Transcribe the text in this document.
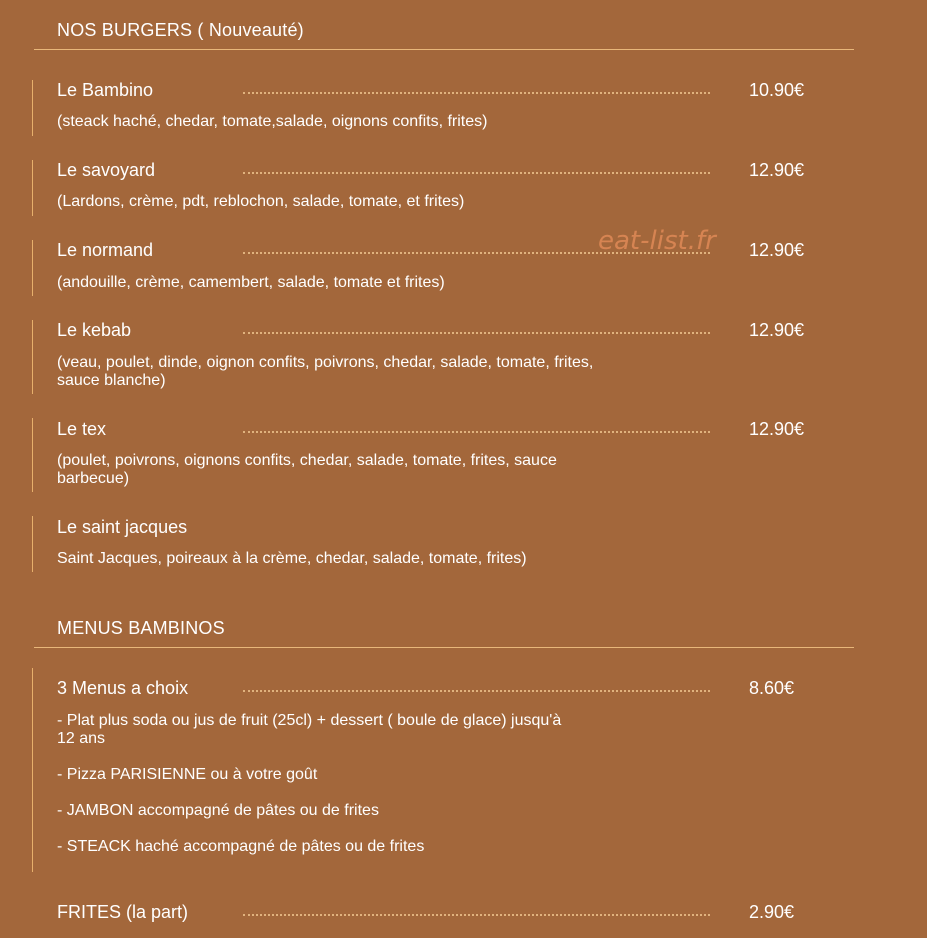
NOS BURGERS ( Nouveauté)
Le Bambino	10.90€
(steack haché, chedar, tomate,salade, oignons confits, frites)
Le savoyard	12.90€
(Lardons, crème, pdt, reblochon, salade, tomate, et frites)
Le normand	12.90€
(andouille, crème, camembert, salade, tomate et frites)
Le kebab	12.90€
(veau, poulet, dinde, oignon confits, poivrons, chedar, salade, tomate, frites, sauce blanche)
Le tex	12.90€
(poulet, poivrons, oignons confits, chedar, salade, tomate, frites, sauce barbecue)
Le saint jacques
Saint Jacques, poireaux à la crème, chedar, salade, tomate, frites)
MENUS BAMBINOS
3 Menus a choix	8.60€
- Plat plus soda ou jus de fruit (25cl) + dessert ( boule de glace) jusqu'à 12 ans
- Pizza PARISIENNE ou à votre goût
- JAMBON accompagné de pâtes ou de frites
- STEACK haché accompagné de pâtes ou de frites
FRITES (la part)	2.90€
eat-list.fr
